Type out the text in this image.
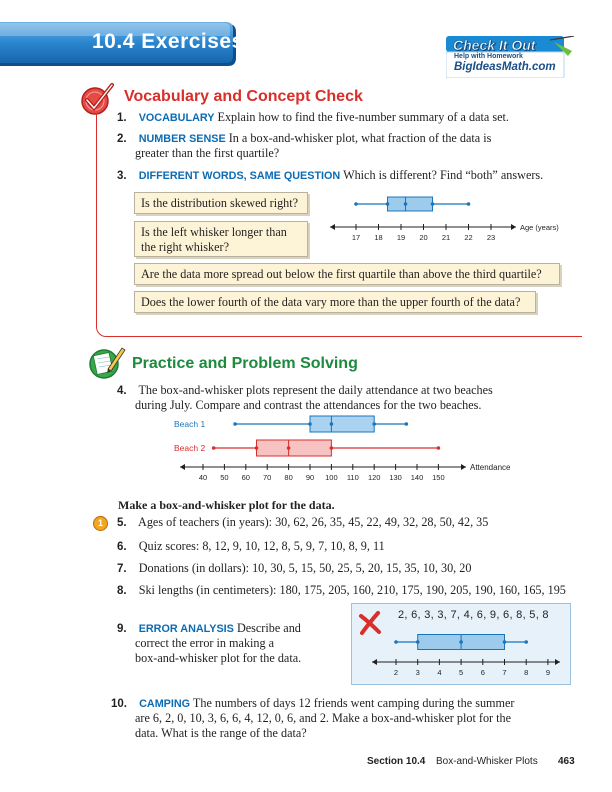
10.4 Exercises	Check It Out
Help with Homework
BigIdeasMath.com
Vocabulary and Concept Check
1. VOCABULARY Explain how to find the five-number summary of a data set.
2. NUMBER SENSE In a box-and-whisker plot, what fraction of the data is
greater than the first quartile?
3. DIFFERENT WORDS, SAME QUESTION Which is different? Find “both” answers.
Is the distribution skewed right?
Is the left whisker longer than
the right whisker?
Are the data more spread out below the first quartile than above the third quartile?
Does the lower fourth of the data vary more than the upper fourth of the data?
17 18 19 20 21 22 23
Age (years)
Practice and Problem Solving
4. The box-and-whisker plots represent the daily attendance at two beaches
during July. Compare and contrast the attendances for the two beaches.
Beach 1
Beach 2
40 50 60 70 80 90 100 110 120 130 140 150
Attendance
Make a box-and-whisker plot for the data.
1	5. Ages of teachers (in years): 30, 62, 26, 35, 45, 22, 49, 32, 28, 50, 42, 35
6. Quiz scores: 8, 12, 9, 10, 12, 8, 5, 9, 7, 10, 8, 9, 11
7. Donations (in dollars): 10, 30, 5, 15, 50, 25, 5, 20, 15, 35, 10, 30, 20
8. Ski lengths (in centimeters): 180, 175, 205, 160, 210, 175, 190, 205, 190, 160, 165, 195
9. ERROR ANALYSIS Describe and
correct the error in making a
box-and-whisker plot for the data.
2, 6, 3, 3, 7, 4, 6, 9, 6, 8, 5, 8
2 3 4 5 6 7 8 9
10. CAMPING The numbers of days 12 friends went camping during the summer
are 6, 2, 0, 10, 3, 6, 6, 4, 12, 0, 6, and 2. Make a box-and-whisker plot for the
data. What is the range of the data?
Section 10.4 Box-and-Whisker Plots 463
